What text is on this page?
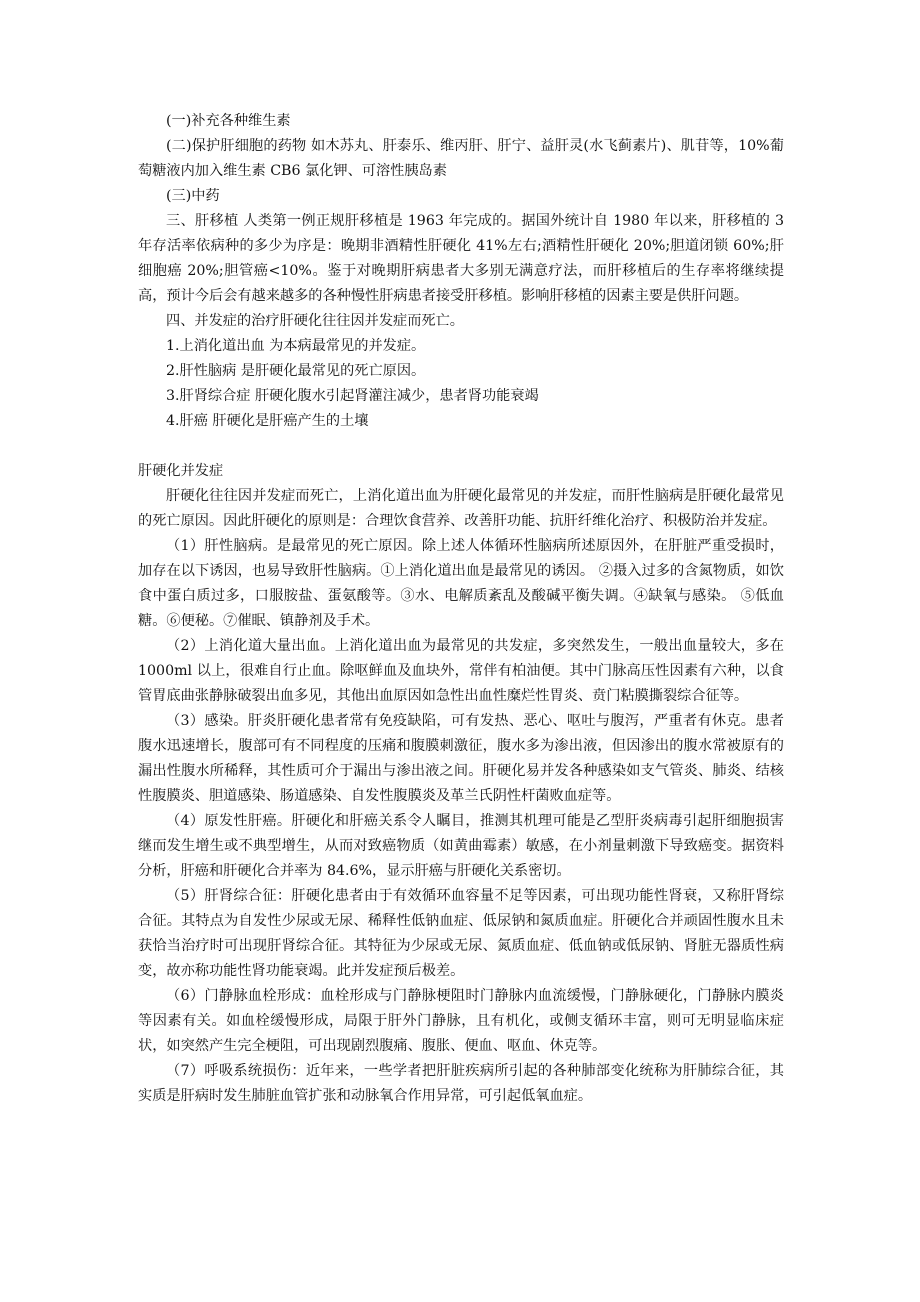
(一)补充各种维生素

(二)保护肝细胞的药物 如木苏丸、肝泰乐、维丙肝、肝宁、益肝灵(水飞蓟素片)、肌苷等，10%葡萄糖液内加入维生素 CB6 氯化钾、可溶性胰岛素

(三)中药

三、肝移植 人类第一例正规肝移植是 1963 年完成的。据国外统计自 1980 年以来，肝移植的 3 年存活率依病种的多少为序是：晚期非酒精性肝硬化 41%左右;酒精性肝硬化 20%;胆道闭锁 60%;肝细胞癌 20%;胆管癌<10%。鉴于对晚期肝病患者大多别无满意疗法，而肝移植后的生存率将继续提高，预计今后会有越来越多的各种慢性肝病患者接受肝移植。影响肝移植的因素主要是供肝问题。

四、并发症的治疗肝硬化往往因并发症而死亡。

1.上消化道出血 为本病最常见的并发症。

2.肝性脑病 是肝硬化最常见的死亡原因。

3.肝肾综合症 肝硬化腹水引起肾灌注减少，患者肾功能衰竭

4.肝癌 肝硬化是肝癌产生的土壤

肝硬化并发症

肝硬化往往因并发症而死亡，上消化道出血为肝硬化最常见的并发症，而肝性脑病是肝硬化最常见的死亡原因。因此肝硬化的原则是：合理饮食营养、改善肝功能、抗肝纤维化治疗、积极防治并发症。

（1）肝性脑病。是最常见的死亡原因。除上述人体循环性脑病所述原因外，在肝脏严重受损时，加存在以下诱因，也易导致肝性脑病。①上消化道出血是最常见的诱因。 ②摄入过多的含氮物质，如饮食中蛋白质过多，口服胺盐、蛋氨酸等。③水、电解质紊乱及酸碱平衡失调。④缺氧与感染。 ⑤低血糖。⑥便秘。⑦催眠、镇静剂及手术。

（2）上消化道大量出血。上消化道出血为最常见的共发症，多突然发生，一般出血量较大，多在 1000ml 以上，很难自行止血。除呕鲜血及血块外，常伴有柏油便。其中门脉高压性因素有六种，以食管胃底曲张静脉破裂出血多见，其他出血原因如急性出血性糜烂性胃炎、贲门粘膜撕裂综合征等。

（3）感染。肝炎肝硬化患者常有免疫缺陷，可有发热、恶心、呕吐与腹泻，严重者有休克。患者腹水迅速增长，腹部可有不同程度的压痛和腹膜刺激征，腹水多为渗出液，但因渗出的腹水常被原有的漏出性腹水所稀释，其性质可介于漏出与渗出液之间。肝硬化易并发各种感染如支气管炎、肺炎、结核性腹膜炎、胆道感染、肠道感染、自发性腹膜炎及革兰氏阴性杆菌败血症等。

（4）原发性肝癌。肝硬化和肝癌关系令人瞩目，推测其机理可能是乙型肝炎病毒引起肝细胞损害继而发生增生或不典型增生，从而对致癌物质（如黄曲霉素）敏感，在小剂量刺激下导致癌变。据资料分析，肝癌和肝硬化合并率为 84.6%，显示肝癌与肝硬化关系密切。

（5）肝肾综合征：肝硬化患者由于有效循环血容量不足等因素，可出现功能性肾衰，又称肝肾综合征。其特点为自发性少尿或无尿、稀释性低钠血症、低尿钠和氮质血症。肝硬化合并顽固性腹水且未获恰当治疗时可出现肝肾综合征。其特征为少尿或无尿、氮质血症、低血钠或低尿钠、肾脏无器质性病变，故亦称功能性肾功能衰竭。此并发症预后极差。

（6）门静脉血栓形成：血栓形成与门静脉梗阻时门静脉内血流缓慢，门静脉硬化，门静脉内膜炎等因素有关。如血栓缓慢形成，局限于肝外门静脉，且有机化，或侧支循环丰富，则可无明显临床症状，如突然产生完全梗阻，可出现剧烈腹痛、腹胀、便血、呕血、休克等。

（7）呼吸系统损伤：近年来，一些学者把肝脏疾病所引起的各种肺部变化统称为肝肺综合征，其实质是肝病时发生肺脏血管扩张和动脉氧合作用异常，可引起低氧血症。
